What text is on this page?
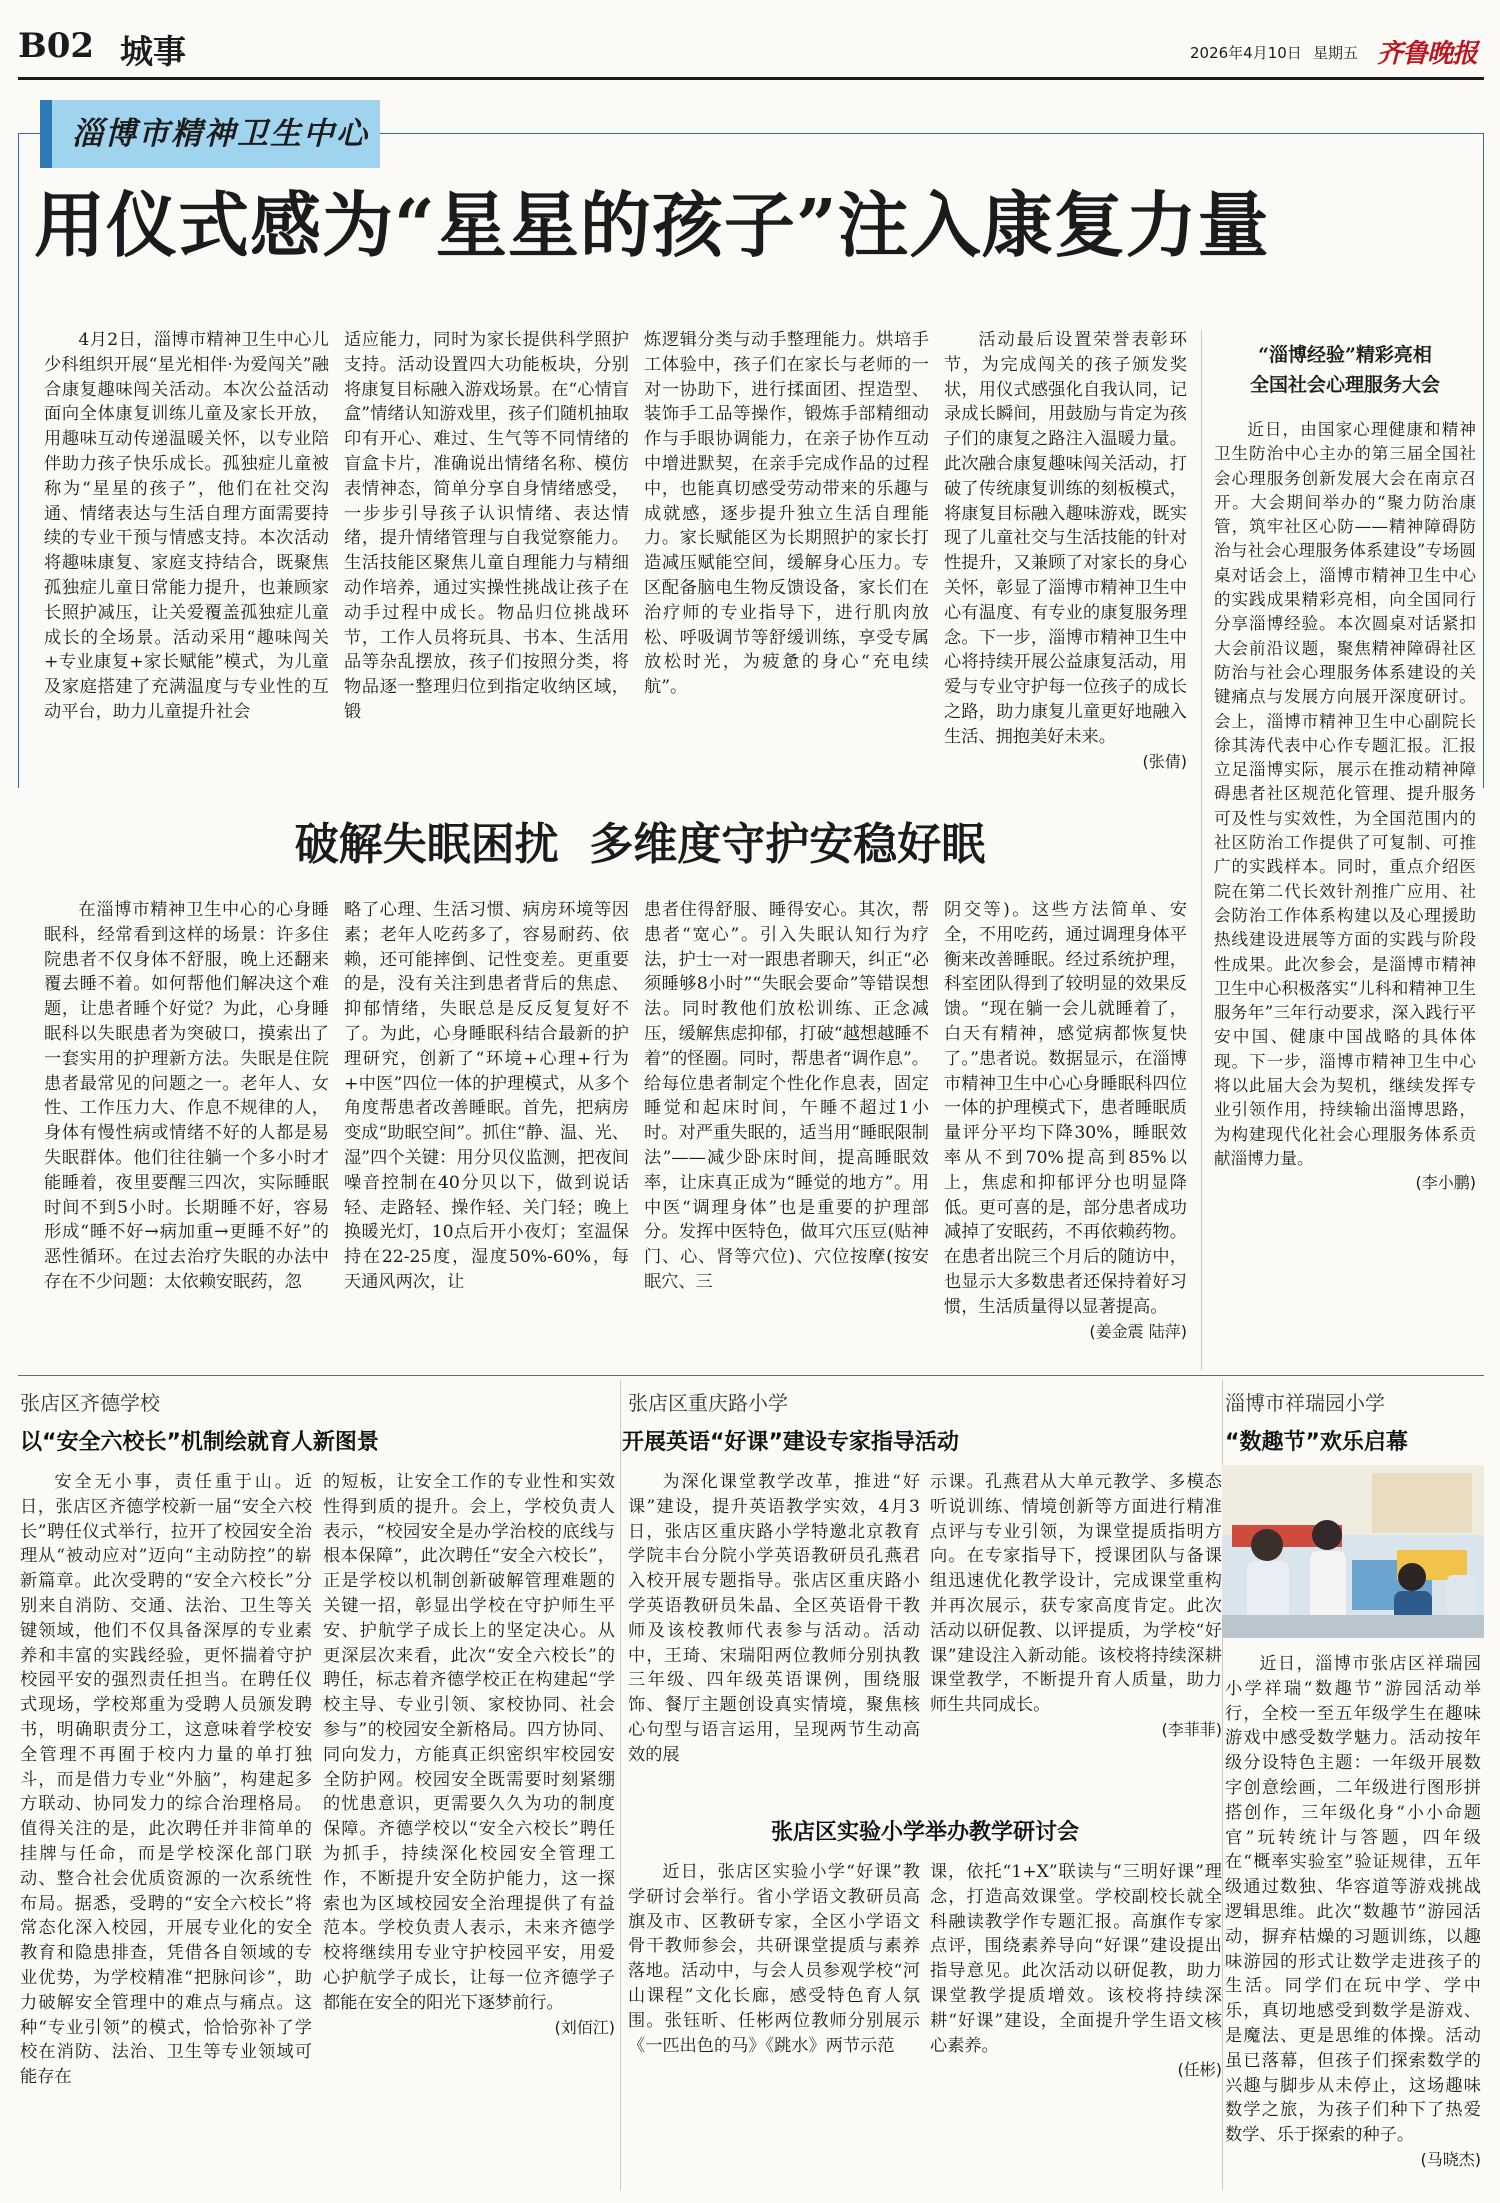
B02 城事	2026年4月10日 星期五 齐鲁晚报
淄博市精神卫生中心
用仪式感为“星星的孩子”注入康复力量

4月2日，淄博市精神卫生中心儿少科组织开展“星光相伴·为爱闯关”融合康复趣味闯关活动。本次公益活动面向全体康复训练儿童及家长开放，用趣味互动传递温暖关怀，以专业陪伴助力孩子快乐成长。孤独症儿童被称为“星星的孩子”，他们在社交沟通、情绪表达与生活自理方面需要持续的专业干预与情感支持。本次活动将趣味康复、家庭支持结合，既聚焦孤独症儿童日常能力提升，也兼顾家长照护减压，让关爱覆盖孤独症儿童成长的全场景。活动采用“趣味闯关+专业康复+家长赋能”模式，为儿童及家庭搭建了充满温度与专业性的互动平台，助力儿童提升社会

适应能力，同时为家长提供科学照护支持。活动设置四大功能板块，分别将康复目标融入游戏场景。在“心情盲盒”情绪认知游戏里，孩子们随机抽取印有开心、难过、生气等不同情绪的盲盒卡片，准确说出情绪名称、模仿表情神态，简单分享自身情绪感受，一步步引导孩子认识情绪、表达情绪，提升情绪管理与自我觉察能力。生活技能区聚焦儿童自理能力与精细动作培养，通过实操性挑战让孩子在动手过程中成长。物品归位挑战环节，工作人员将玩具、书本、生活用品等杂乱摆放，孩子们按照分类，将物品逐一整理归位到指定收纳区域，锻

炼逻辑分类与动手整理能力。烘培手工体验中，孩子们在家长与老师的一对一协助下，进行揉面团、捏造型、装饰手工品等操作，锻炼手部精细动作与手眼协调能力，在亲子协作互动中增进默契，在亲手完成作品的过程中，也能真切感受劳动带来的乐趣与成就感，逐步提升独立生活自理能力。家长赋能区为长期照护的家长打造减压赋能空间，缓解身心压力。专区配备脑电生物反馈设备，家长们在治疗师的专业指导下，进行肌肉放松、呼吸调节等舒缓训练，享受专属放松时光，为疲惫的身心“充电续航”。

活动最后设置荣誉表彰环节，为完成闯关的孩子颁发奖状，用仪式感强化自我认同，记录成长瞬间，用鼓励与肯定为孩子们的康复之路注入温暖力量。此次融合康复趣味闯关活动，打破了传统康复训练的刻板模式，将康复目标融入趣味游戏，既实现了儿童社交与生活技能的针对性提升，又兼顾了对家长的身心关怀，彰显了淄博市精神卫生中心有温度、有专业的康复服务理念。下一步，淄博市精神卫生中心将持续开展公益康复活动，用爱与专业守护每一位孩子的成长之路，助力康复儿童更好地融入生活、拥抱美好未来。

(张倩)
“淄博经验”精彩亮相
全国社会心理服务大会

近日，由国家心理健康和精神卫生防治中心主办的第三届全国社会心理服务创新发展大会在南京召开。大会期间举办的“聚力防治康管，筑牢社区心防——精神障碍防治与社会心理服务体系建设”专场圆桌对话会上，淄博市精神卫生中心的实践成果精彩亮相，向全国同行分享淄博经验。本次圆桌对话紧扣大会前沿议题，聚焦精神障碍社区防治与社会心理服务体系建设的关键痛点与发展方向展开深度研讨。会上，淄博市精神卫生中心副院长徐其涛代表中心作专题汇报。汇报立足淄博实际，展示在推动精神障碍患者社区规范化管理、提升服务可及性与实效性，为全国范围内的社区防治工作提供了可复制、可推广的实践样本。同时，重点介绍医院在第二代长效针剂推广应用、社会防治工作体系构建以及心理援助热线建设进展等方面的实践与阶段性成果。此次参会，是淄博市精神卫生中心积极落实“儿科和精神卫生服务年”三年行动要求，深入践行平安中国、健康中国战略的具体体现。下一步，淄博市精神卫生中心将以此届大会为契机，继续发挥专业引领作用，持续输出淄博思路，为构建现代化社会心理服务体系贡献淄博力量。

(李小鹏)
破解失眠困扰  多维度守护安稳好眠

在淄博市精神卫生中心的心身睡眠科，经常看到这样的场景：许多住院患者不仅身体不舒服，晚上还翻来覆去睡不着。如何帮他们解决这个难题，让患者睡个好觉？为此，心身睡眠科以失眠患者为突破口，摸索出了一套实用的护理新方法。失眠是住院患者最常见的问题之一。老年人、女性、工作压力大、作息不规律的人，身体有慢性病或情绪不好的人都是易失眠群体。他们往往躺一个多小时才能睡着，夜里要醒三四次，实际睡眠时间不到5小时。长期睡不好，容易形成“睡不好→病加重→更睡不好”的恶性循环。在过去治疗失眠的办法中存在不少问题：太依赖安眠药，忽

略了心理、生活习惯、病房环境等因素；老年人吃药多了，容易耐药、依赖，还可能摔倒、记性变差。更重要的是，没有关注到患者背后的焦虑、抑郁情绪，失眠总是反反复复好不了。为此，心身睡眠科结合最新的护理研究，创新了“环境+心理+行为+中医”四位一体的护理模式，从多个角度帮患者改善睡眠。首先，把病房变成“助眠空间”。抓住“静、温、光、湿”四个关键：用分贝仪监测，把夜间噪音控制在40分贝以下，做到说话轻、走路轻、操作轻、关门轻；晚上换暖光灯，10点后开小夜灯；室温保持在22-25度，湿度50%-60%，每天通风两次，让

患者住得舒服、睡得安心。其次，帮患者“宽心”。引入失眠认知行为疗法，护士一对一跟患者聊天，纠正“必须睡够8小时”“失眠会要命”等错误想法。同时教他们放松训练、正念减压，缓解焦虑抑郁，打破“越想越睡不着”的怪圈。同时，帮患者“调作息”。给每位患者制定个性化作息表，固定睡觉和起床时间，午睡不超过1小时。对严重失眠的，适当用“睡眠限制法”——减少卧床时间，提高睡眠效率，让床真正成为“睡觉的地方”。用中医“调理身体”也是重要的护理部分。发挥中医特色，做耳穴压豆(贴神门、心、肾等穴位)、穴位按摩(按安眠穴、三

阴交等)。这些方法简单、安全，不用吃药，通过调理身体平衡来改善睡眠。经过系统护理，科室团队得到了较明显的效果反馈。“现在躺一会儿就睡着了，白天有精神，感觉病都恢复快了。”患者说。数据显示，在淄博市精神卫生中心心身睡眠科四位一体的护理模式下，患者睡眠质量评分平均下降30%，睡眠效率从不到70%提高到85%以上，焦虑和抑郁评分也明显降低。更可喜的是，部分患者成功减掉了安眠药，不再依赖药物。在患者出院三个月后的随访中，也显示大多数患者还保持着好习惯，生活质量得以显著提高。

(姜金震 陆萍)
张店区齐德学校
以“安全六校长”机制绘就育人新图景

安全无小事，责任重于山。近日，张店区齐德学校新一届“安全六校长”聘任仪式举行，拉开了校园安全治理从“被动应对”迈向“主动防控”的崭新篇章。此次受聘的“安全六校长”分别来自消防、交通、法治、卫生等关键领域，他们不仅具备深厚的专业素养和丰富的实践经验，更怀揣着守护校园平安的强烈责任担当。在聘任仪式现场，学校郑重为受聘人员颁发聘书，明确职责分工，这意味着学校安全管理不再囿于校内力量的单打独斗，而是借力专业“外脑”，构建起多方联动、协同发力的综合治理格局。值得关注的是，此次聘任并非简单的挂牌与任命，而是学校深化部门联动、整合社会优质资源的一次系统性布局。据悉，受聘的“安全六校长”将常态化深入校园，开展专业化的安全教育和隐患排查，凭借各自领域的专业优势，为学校精准“把脉问诊”，助力破解安全管理中的难点与痛点。这种“专业引领”的模式，恰恰弥补了学校在消防、法治、卫生等专业领域可能存在

的短板，让安全工作的专业性和实效性得到质的提升。会上，学校负责人表示，“校园安全是办学治校的底线与根本保障”，此次聘任“安全六校长”，正是学校以机制创新破解管理难题的关键一招，彰显出学校在守护师生平安、护航学子成长上的坚定决心。从更深层次来看，此次“安全六校长”的聘任，标志着齐德学校正在构建起“学校主导、专业引领、家校协同、社会参与”的校园安全新格局。四方协同、同向发力，方能真正织密织牢校园安全防护网。校园安全既需要时刻紧绷的忧患意识，更需要久久为功的制度保障。齐德学校以“安全六校长”聘任为抓手，持续深化校园安全管理工作，不断提升安全防护能力，这一探索也为区域校园安全治理提供了有益范本。学校负责人表示，未来齐德学校将继续用专业守护校园平安，用爱心护航学子成长，让每一位齐德学子都能在安全的阳光下逐梦前行。

(刘佰江)
张店区重庆路小学
开展英语“好课”建设专家指导活动

为深化课堂教学改革，推进“好课”建设，提升英语教学实效，4月3日，张店区重庆路小学特邀北京教育学院丰台分院小学英语教研员孔燕君入校开展专题指导。张店区重庆路小学英语教研员朱晶、全区英语骨干教师及该校教师代表参与活动。活动中，王琦、宋瑞阳两位教师分别执教三年级、四年级英语课例，围绕服饰、餐厅主题创设真实情境，聚焦核心句型与语言运用，呈现两节生动高效的展

示课。孔燕君从大单元教学、多模态听说训练、情境创新等方面进行精准点评与专业引领，为课堂提质指明方向。在专家指导下，授课团队与备课组迅速优化教学设计，完成课堂重构并再次展示，获专家高度肯定。此次活动以研促教、以评提质，为学校“好课”建设注入新动能。该校将持续深耕课堂教学，不断提升育人质量，助力师生共同成长。

(李菲菲)
张店区实验小学举办教学研讨会

近日，张店区实验小学“好课”教学研讨会举行。省小学语文教研员高旗及市、区教研专家，全区小学语文骨干教师参会，共研课堂提质与素养落地。活动中，与会人员参观学校“河山课程”文化长廊，感受特色育人氛围。张钰昕、任彬两位教师分别展示《一匹出色的马》《跳水》两节示范

课，依托“1+X”联读与“三明好课”理念，打造高效课堂。学校副校长就全科融读教学作专题汇报。高旗作专家点评，围绕素养导向“好课”建设提出指导意见。此次活动以研促教，助力课堂教学提质增效。该校将持续深耕“好课”建设，全面提升学生语文核心素养。

(任彬)
淄博市祥瑞园小学
“数趣节”欢乐启幕

近日，淄博市张店区祥瑞园小学祥瑞“数趣节”游园活动举行，全校一至五年级学生在趣味游戏中感受数学魅力。活动按年级分设特色主题：一年级开展数字创意绘画，二年级进行图形拼搭创作，三年级化身“小小命题官”玩转统计与答题，四年级在“概率实验室”验证规律，五年级通过数独、华容道等游戏挑战逻辑思维。此次“数趣节”游园活动，摒弃枯燥的习题训练，以趣味游园的形式让数学走进孩子的生活。同学们在玩中学、学中乐，真切地感受到数学是游戏、是魔法、更是思维的体操。活动虽已落幕，但孩子们探索数学的兴趣与脚步从未停止，这场趣味数学之旅，为孩子们种下了热爱数学、乐于探索的种子。

(马晓杰)
